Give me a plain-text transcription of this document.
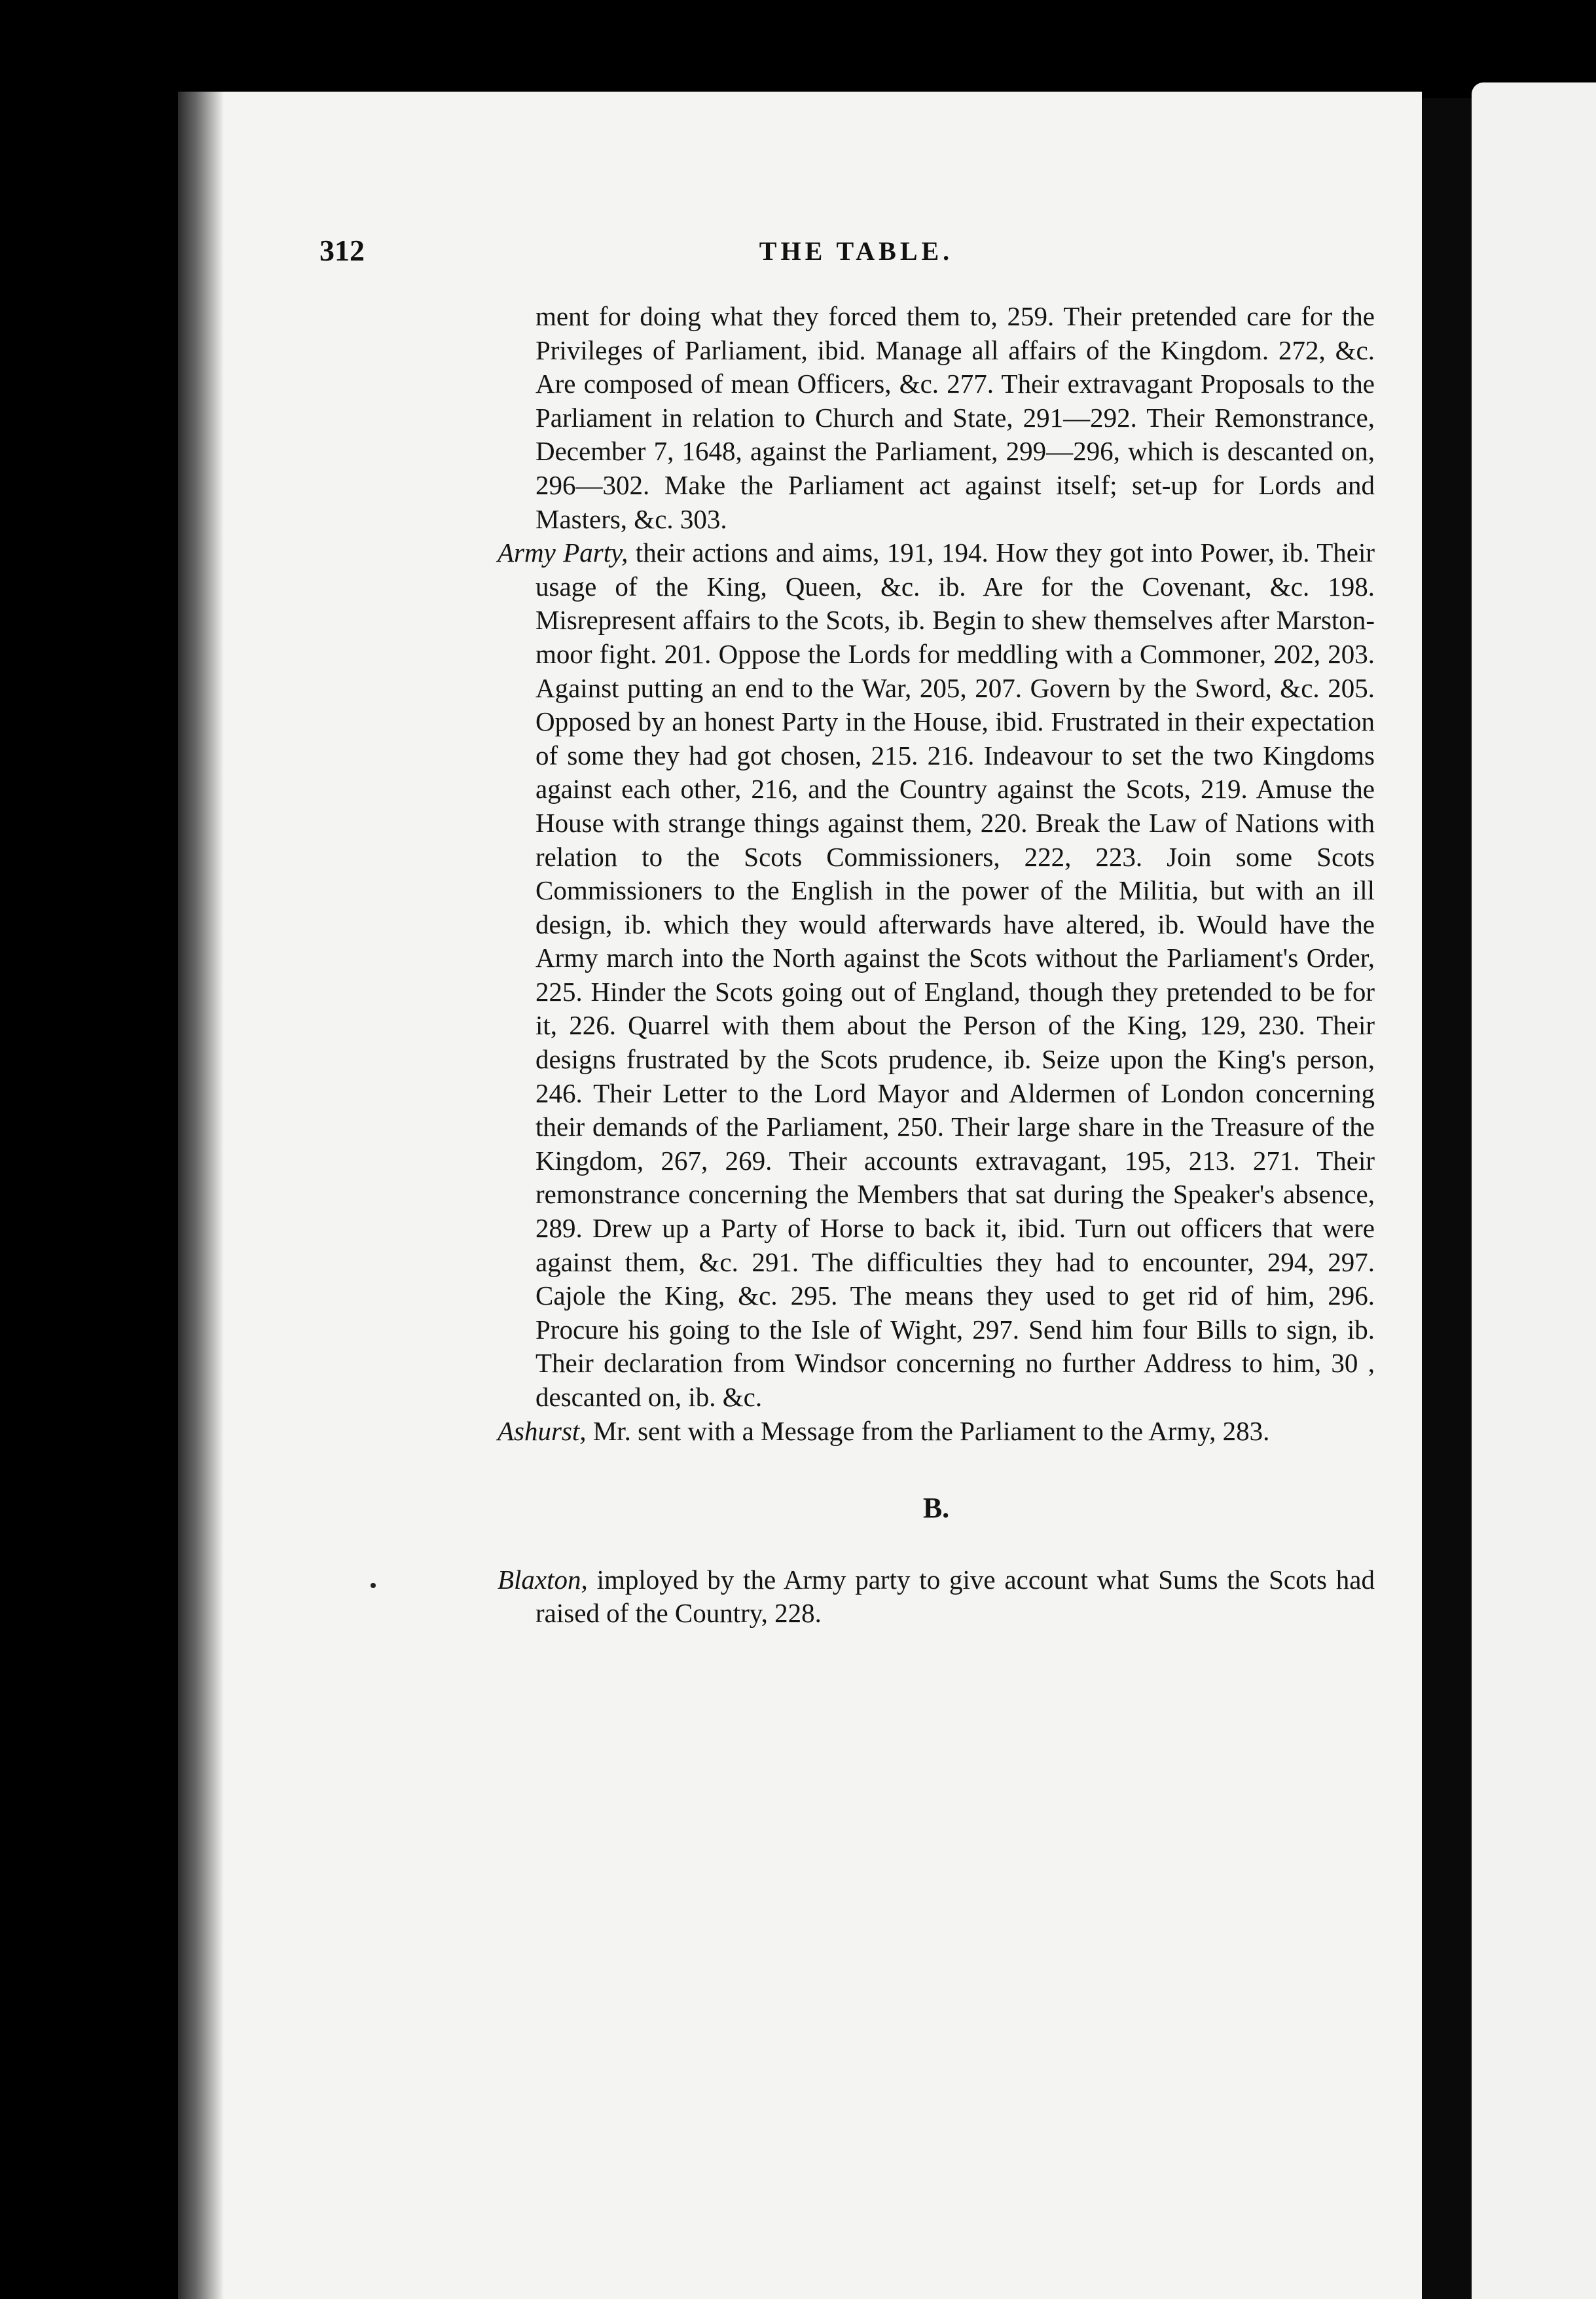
312	THE TABLE.

ment for doing what they forced them to, 259. Their pretended care for the Privileges of Parliament, ibid. Manage all affairs of the Kingdom. 272, &c. Are composed of mean Officers, &c. 277. Their extravagant Proposals to the Parliament in relation to Church and State, 291—292. Their Remonstrance, December 7, 1648, against the Parliament, 299—296, which is descanted on, 296—302. Make the Parliament act against itself; set-up for Lords and Masters, &c. 303.

Army Party, their actions and aims, 191, 194. How they got into Power, ib. Their usage of the King, Queen, &c. ib. Are for the Covenant, &c. 198. Misrepresent affairs to the Scots, ib. Begin to shew themselves after Marston-moor fight. 201. Oppose the Lords for meddling with a Commoner, 202, 203. Against putting an end to the War, 205, 207. Govern by the Sword, &c. 205. Opposed by an honest Party in the House, ibid. Frustrated in their expectation of some they had got chosen, 215. 216. Indeavour to set the two Kingdoms against each other, 216, and the Country against the Scots, 219. Amuse the House with strange things against them, 220. Break the Law of Nations with relation to the Scots Commissioners, 222, 223. Join some Scots Commissioners to the English in the power of the Militia, but with an ill design, ib. which they would afterwards have altered, ib. Would have the Army march into the North against the Scots without the Parliament's Order, 225. Hinder the Scots going out of England, though they pretended to be for it, 226. Quarrel with them about the Person of the King, 129, 230. Their designs frustrated by the Scots prudence, ib. Seize upon the King's person, 246. Their Letter to the Lord Mayor and Aldermen of London concerning their demands of the Parliament, 250. Their large share in the Treasure of the Kingdom, 267, 269. Their accounts extravagant, 195, 213. 271. Their remonstrance concerning the Members that sat during the Speaker's absence, 289. Drew up a Party of Horse to back it, ibid. Turn out officers that were against them, &c. 291. The difficulties they had to encounter, 294, 297. Cajole the King, &c. 295. The means they used to get rid of him, 296. Procure his going to the Isle of Wight, 297. Send him four Bills to sign, ib. Their declaration from Windsor concerning no further Address to him, 30 , descanted on, ib. &c.

Ashurst, Mr. sent with a Message from the Parliament to the Army, 283.

B.

Blaxton, imployed by the Army party to give account what Sums the Scots had raised of the Country, 228.
